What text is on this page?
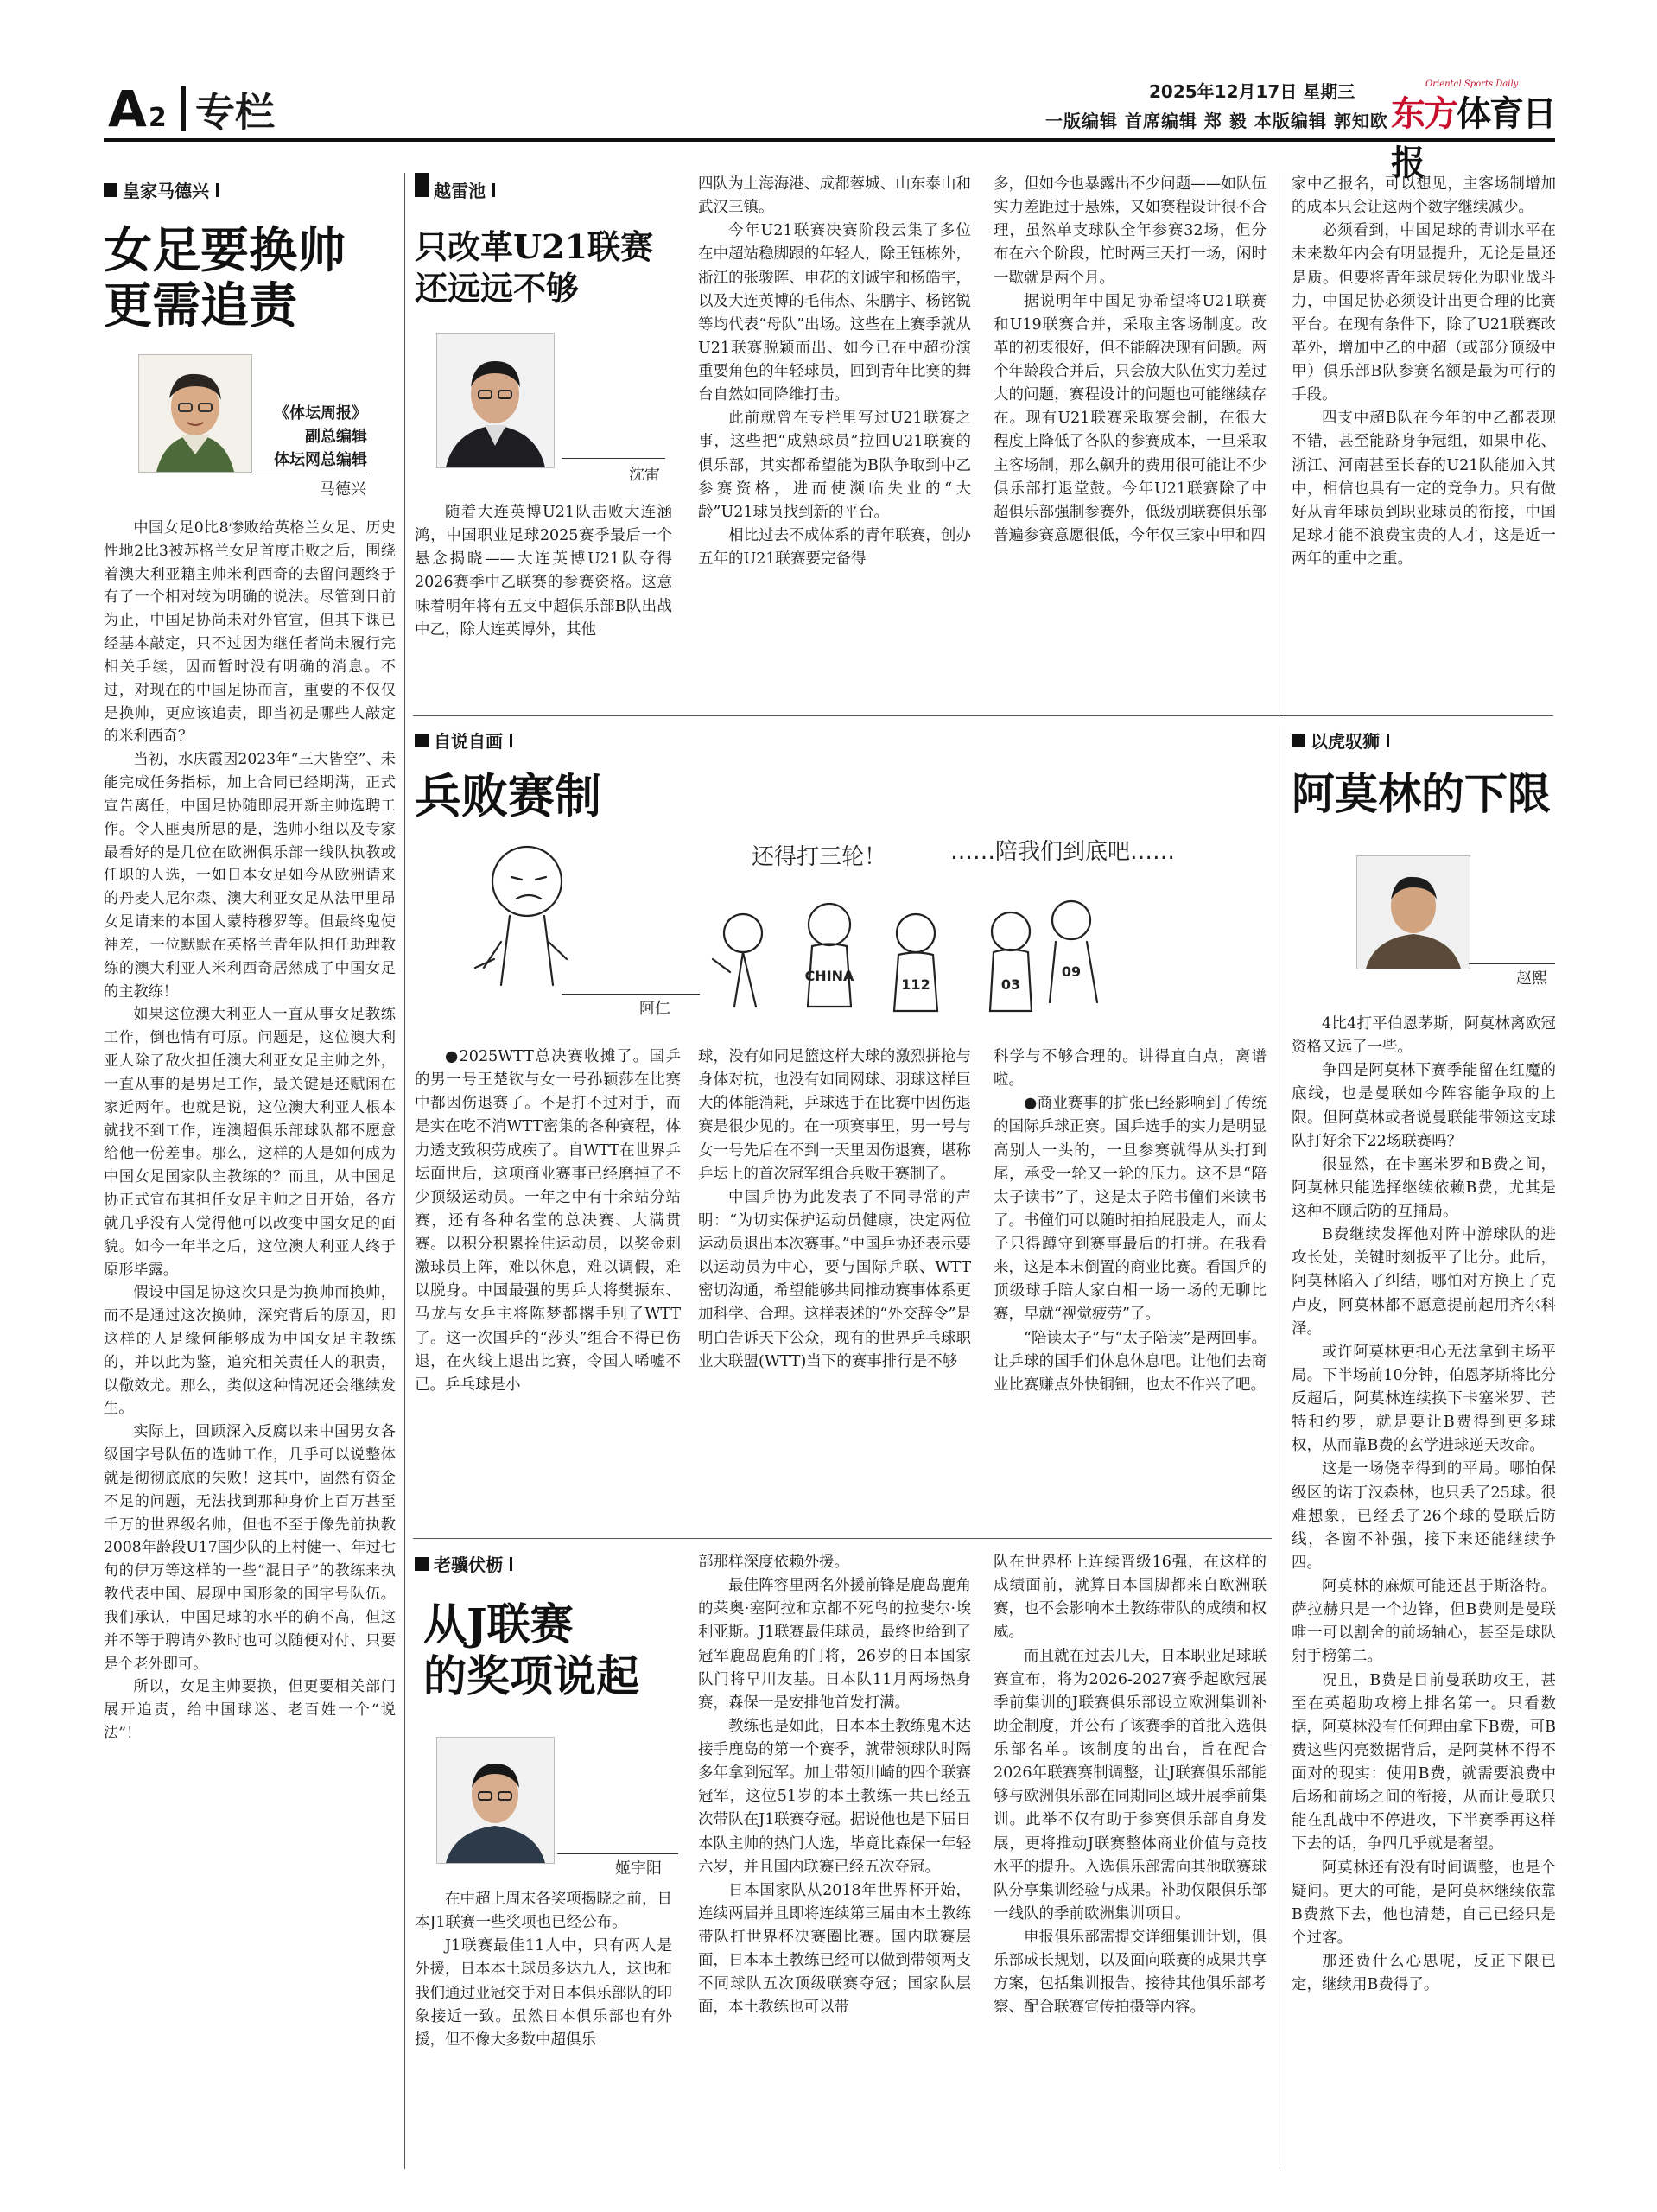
A2 专栏	2025年12月17日 星期三
一版编辑 首席编辑 郑 毅 本版编辑 郭知欧 东方体育日报
Oriental Sports Daily
皇家马德兴
女足要换帅
更需追责
《体坛周报》
副总编辑
体坛网总编辑
马德兴

中国女足0比8惨败给英格兰女足、历史性地2比3被苏格兰女足首度击败之后，围绕着澳大利亚籍主帅米利西奇的去留问题终于有了一个相对较为明确的说法。尽管到目前为止，中国足协尚未对外官宣，但其下课已经基本敲定，只不过因为继任者尚未履行完相关手续，因而暂时没有明确的消息。不过，对现在的中国足协而言，重要的不仅仅是换帅，更应该追责，即当初是哪些人敲定的米利西奇？

当初，水庆霞因2023年“三大皆空”、未能完成任务指标，加上合同已经期满，正式宣告离任，中国足协随即展开新主帅选聘工作。令人匪夷所思的是，选帅小组以及专家最看好的是几位在欧洲俱乐部一线队执教或任职的人选，一如日本女足如今从欧洲请来的丹麦人尼尔森、澳大利亚女足从法甲里昂女足请来的本国人蒙特穆罗等。但最终鬼使神差，一位默默在英格兰青年队担任助理教练的澳大利亚人米利西奇居然成了中国女足的主教练！

如果这位澳大利亚人一直从事女足教练工作，倒也情有可原。问题是，这位澳大利亚人除了敌火担任澳大利亚女足主帅之外，一直从事的是男足工作，最关键是还赋闲在家近两年。也就是说，这位澳大利亚人根本就找不到工作，连澳超俱乐部球队都不愿意给他一份差事。那么，这样的人是如何成为中国女足国家队主教练的？而且，从中国足协正式宣布其担任女足主帅之日开始，各方就几乎没有人觉得他可以改变中国女足的面貌。如今一年半之后，这位澳大利亚人终于原形毕露。

假设中国足协这次只是为换帅而换帅，而不是通过这次换帅，深究背后的原因，即这样的人是缘何能够成为中国女足主教练的，并以此为鉴，追究相关责任人的职责，以儆效尤。那么，类似这种情况还会继续发生。

实际上，回顾深入反腐以来中国男女各级国字号队伍的选帅工作，几乎可以说整体就是彻彻底底的失败！这其中，固然有资金不足的问题，无法找到那种身价上百万甚至千万的世界级名帅，但也不至于像先前执教2008年龄段U17国少队的上村健一、年过七旬的伊万等这样的一些“混日子”的教练来执教代表中国、展现中国形象的国字号队伍。我们承认，中国足球的水平的确不高，但这并不等于聘请外教时也可以随便对付、只要是个老外即可。

所以，女足主帅要换，但更要相关部门展开追责，给中国球迷、老百姓一个“说法”！

越雷池
只改革U21联赛
还远远不够
沈雷

随着大连英博U21队击败大连涵鸿，中国职业足球2025赛季最后一个悬念揭晓——大连英博U21队夺得2026赛季中乙联赛的参赛资格。这意味着明年将有五支中超俱乐部B队出战中乙，除大连英博外，其他

四队为上海海港、成都蓉城、山东泰山和武汉三镇。

今年U21联赛决赛阶段云集了多位在中超站稳脚跟的年轻人，除王钰栋外，浙江的张骏晖、申花的刘诚宇和杨皓宇，以及大连英博的毛伟杰、朱鹏宇、杨铭锐等均代表“母队”出场。这些在上赛季就从U21联赛脱颖而出、如今已在中超扮演重要角色的年轻球员，回到青年比赛的舞台自然如同降维打击。

此前就曾在专栏里写过U21联赛之事，这些把“成熟球员”拉回U21联赛的俱乐部，其实都希望能为B队争取到中乙参赛资格，进而使濒临失业的“大龄”U21球员找到新的平台。

相比过去不成体系的青年联赛，创办五年的U21联赛要完备得

多，但如今也暴露出不少问题——如队伍实力差距过于悬殊，又如赛程设计很不合理，虽然单支球队全年参赛32场，但分布在六个阶段，忙时两三天打一场，闲时一歇就是两个月。

据说明年中国足协希望将U21联赛和U19联赛合并，采取主客场制度。改革的初衷很好，但不能解决现有问题。两个年龄段合并后，只会放大队伍实力差过大的问题，赛程设计的问题也可能继续存在。现有U21联赛采取赛会制，在很大程度上降低了各队的参赛成本，一旦采取主客场制，那么飙升的费用很可能让不少俱乐部打退堂鼓。今年U21联赛除了中超俱乐部强制参赛外，低级别联赛俱乐部普遍参赛意愿很低，今年仅三家中甲和四

家中乙报名，可以想见，主客场制增加的成本只会让这两个数字继续减少。

必须看到，中国足球的青训水平在未来数年内会有明显提升，无论是量还是质。但要将青年球员转化为职业战斗力，中国足协必须设计出更合理的比赛平台。在现有条件下，除了U21联赛改革外，增加中乙的中超（或部分顶级中甲）俱乐部B队参赛名额是最为可行的手段。

四支中超B队在今年的中乙都表现不错，甚至能跻身争冠组，如果申花、浙江、河南甚至长春的U21队能加入其中，相信也具有一定的竞争力。只有做好从青年球员到职业球员的衔接，中国足球才能不浪费宝贵的人才，这是近一两年的重中之重。

自说自画
兵败赛制
CHINA
112	03
09
还得打三轮！	……陪我们到底吧……
阿仁

●2025WTT总决赛收摊了。国乒的男一号王楚钦与女一号孙颖莎在比赛中都因伤退赛了。不是打不过对手，而是实在吃不消WTT密集的各种赛程，体力透支致积劳成疾了。自WTT在世界乒坛面世后，这项商业赛事已经磨掉了不少顶级运动员。一年之中有十余站分站赛，还有各种名堂的总决赛、大满贯赛。以积分积累拴住运动员，以奖金刺激球员上阵，难以休息，难以调假，难以脱身。中国最强的男乒大将樊振东、马龙与女乒主将陈梦都撂手别了WTT了。这一次国乒的“莎头”组合不得已伤退，在火线上退出比赛，令国人唏嘘不已。乒乓球是小

球，没有如同足篮这样大球的激烈拼抢与身体对抗，也没有如同网球、羽球这样巨大的体能消耗，乒球选手在比赛中因伤退赛是很少见的。在一项赛事里，男一号与女一号先后在不到一天里因伤退赛，堪称乒坛上的首次冠军组合兵败于赛制了。

中国乒协为此发表了不同寻常的声明：“为切实保护运动员健康，决定两位运动员退出本次赛事。”中国乒协还表示要以运动员为中心，要与国际乒联、WTT密切沟通，希望能够共同推动赛事体系更加科学、合理。这样表述的“外交辞令”是明白告诉天下公众，现有的世界乒乓球职业大联盟(WTT)当下的赛事排行是不够

科学与不够合理的。讲得直白点，离谱啦。

●商业赛事的扩张已经影响到了传统的国际乒球正赛。国乒选手的实力是明显高别人一头的，一旦参赛就得从头打到尾，承受一轮又一轮的压力。这不是“陪太子读书”了，这是太子陪书僮们来读书了。书僮们可以随时拍拍屁股走人，而太子只得蹲守到赛事最后的打拼。在我看来，这是本末倒置的商业比赛。看国乒的顶级球手陪人家白相一场一场的无聊比赛，早就“视觉疲劳”了。

“陪读太子”与“太子陪读”是两回事。让乒球的国手们休息休息吧。让他们去商业比赛赚点外快铜钿，也太不作兴了吧。

以虎驭狮
阿莫林的下限
赵熙

4比4打平伯恩茅斯，阿莫林离欧冠资格又远了一些。

争四是阿莫林下赛季能留在红魔的底线，也是曼联如今阵容能争取的上限。但阿莫林或者说曼联能带领这支球队打好余下22场联赛吗？

很显然，在卡塞米罗和B费之间，阿莫林只能选择继续依赖B费，尤其是这种不顾后防的互捅局。

B费继续发挥他对阵中游球队的进攻长处，关键时刻扳平了比分。此后，阿莫林陷入了纠结，哪怕对方换上了克卢皮，阿莫林都不愿意提前起用齐尔科泽。

或许阿莫林更担心无法拿到主场平局。下半场前10分钟，伯恩茅斯将比分反超后，阿莫林连续换下卡塞米罗、芒特和约罗，就是要让B费得到更多球权，从而靠B费的玄学进球逆天改命。

这是一场侥幸得到的平局。哪怕保级区的诺丁汉森林，也只丢了25球。很难想象，已经丢了26个球的曼联后防线，各窗不补强，接下来还能继续争四。

阿莫林的麻烦可能还甚于斯洛特。萨拉赫只是一个边锋，但B费则是曼联唯一可以割舍的前场轴心，甚至是球队射手榜第二。

况且，B费是目前曼联助攻王，甚至在英超助攻榜上排名第一。只看数据，阿莫林没有任何理由拿下B费，可B费这些闪亮数据背后，是阿莫林不得不面对的现实：使用B费，就需要浪费中后场和前场之间的衔接，从而让曼联只能在乱战中不停进攻，下半赛季再这样下去的话，争四几乎就是奢望。

阿莫林还有没有时间调整，也是个疑问。更大的可能，是阿莫林继续依靠B费熬下去，他也清楚，自己已经只是个过客。

那还费什么心思呢，反正下限已定，继续用B费得了。

老骥伏枥
从J联赛
的奖项说起
姬宇阳

在中超上周末各奖项揭晓之前，日本J1联赛一些奖项也已经公布。

J1联赛最佳11人中，只有两人是外援，日本本土球员多达九人，这也和我们通过亚冠交手对日本俱乐部队的印象接近一致。虽然日本俱乐部也有外援，但不像大多数中超俱乐

部那样深度依赖外援。

最佳阵容里两名外援前锋是鹿岛鹿角的莱奥·塞阿拉和京都不死鸟的拉斐尔·埃利亚斯。J1联赛最佳球员，最终也给到了冠军鹿岛鹿角的门将，26岁的日本国家队门将早川友基。日本队11月两场热身赛，森保一是安排他首发打满。

教练也是如此，日本本土教练鬼木达接手鹿岛的第一个赛季，就带领球队时隔多年拿到冠军。加上带领川崎的四个联赛冠军，这位51岁的本土教练一共已经五次带队在J1联赛夺冠。据说他也是下届日本队主帅的热门人选，毕竟比森保一年轻六岁，并且国内联赛已经五次夺冠。

日本国家队从2018年世界杯开始，连续两届并且即将连续第三届由本土教练带队打世界杯决赛圈比赛。国内联赛层面，日本本土教练已经可以做到带领两支不同球队五次顶级联赛夺冠；国家队层面，本土教练也可以带

队在世界杯上连续晋级16强，在这样的成绩面前，就算日本国脚都来自欧洲联赛，也不会影响本土教练带队的成绩和权威。

而且就在过去几天，日本职业足球联赛宣布，将为2026-2027赛季起欧冠展季前集训的J联赛俱乐部设立欧洲集训补助金制度，并公布了该赛季的首批入选俱乐部名单。该制度的出台，旨在配合2026年联赛赛制调整，让J联赛俱乐部能够与欧洲俱乐部在同期同区域开展季前集训。此举不仅有助于参赛俱乐部自身发展，更将推动J联赛整体商业价值与竞技水平的提升。入选俱乐部需向其他联赛球队分享集训经验与成果。补助仅限俱乐部一线队的季前欧洲集训项目。

申报俱乐部需提交详细集训计划，俱乐部成长规划，以及面向联赛的成果共享方案，包括集训报告、接待其他俱乐部考察、配合联赛宣传拍摄等内容。
